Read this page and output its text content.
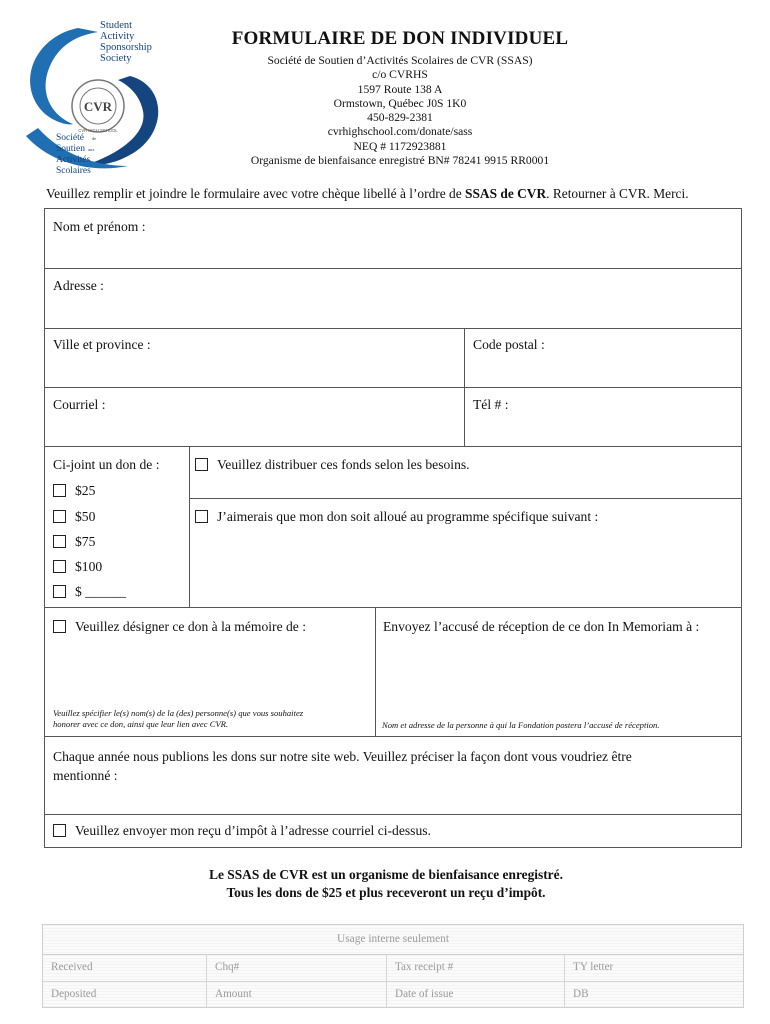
CVR
CVR HIGH SCHOOL
Student
Activity
Sponsorship
Society
Société
Soutien
Activités
Scolaires
de
aux
FORMULAIRE DE DON INDIVIDUEL
Société de Soutien d’Activités Scolaires de CVR (SSAS)
c/o CVRHS
1597 Route 138 A
Ormstown, Québec J0S 1K0
450-829-2381
cvrhighschool.com/donate/sass
NEQ # 1172923881
Organisme de bienfaisance enregistré BN# 78241 9915 RR0001
Veuillez remplir et joindre le formulaire avec votre chèque libellé à l’ordre de SSAS de CVR. Retourner à CVR. Merci.
Nom et prénom :
Adresse :
Ville et province :	Code postal :
Courriel :	Tél # :
Ci-joint un don de :
$25
$50
$75
$100
$ ______
Veuillez distribuer ces fonds selon les besoins.
J’aimerais que mon don soit alloué au programme spécifique suivant :
Veuillez désigner ce don à la mémoire de :
Veuillez spécifier le(s) nom(s) de la (des) personne(s) que vous souhaitez
honorer avec ce don, ainsi que leur lien avec CVR.
Envoyez l’accusé de réception de ce don In Memoriam à :
Nom et adresse de la personne à qui la Fondation postera l’accusé de réception.
Chaque année nous publions les dons sur notre site web. Veuillez préciser la façon dont vous voudriez être
mentionné :
Veuillez envoyer mon reçu d’impôt à l’adresse courriel ci-dessus.
Le SSAS de CVR est un organisme de bienfaisance enregistré.
Tous les dons de $25 et plus receveront un reçu d’impôt.
Usage interne seulement
Received	Chq#	Tax receipt #	TY letter
Deposited	Amount	Date of issue	DB
